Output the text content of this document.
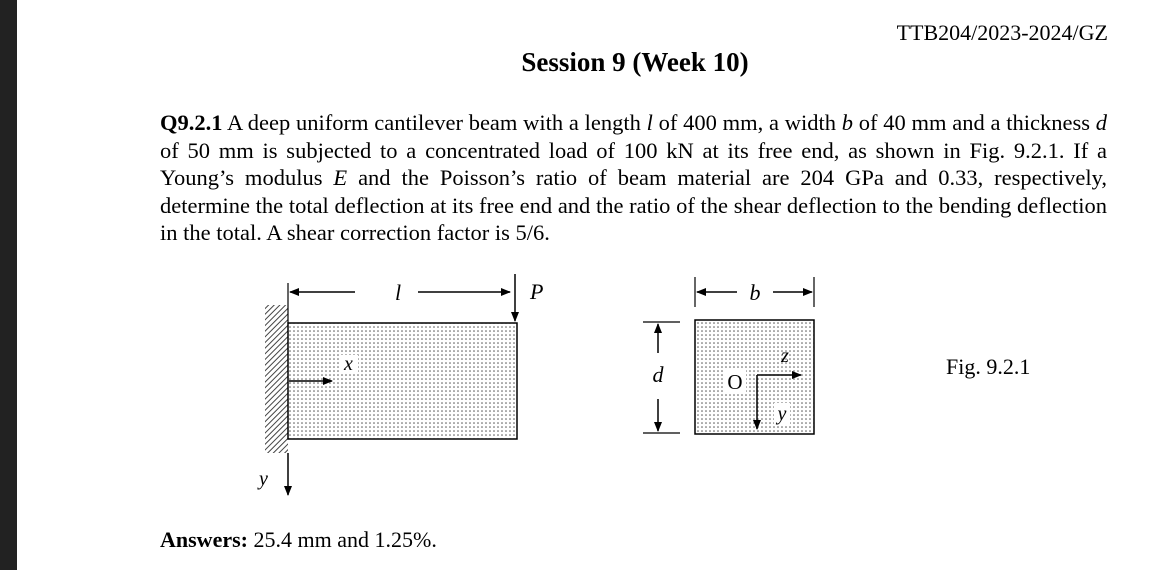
TTB204/2023-2024/GZ
Session 9 (Week 10)
Q9.2.1 A deep uniform cantilever beam with a length l of 400 mm, a width b of 40 mm and a thickness d of 50 mm is subjected to a concentrated load of 100 kN at its free end, as shown in Fig. 9.2.1. If a Young’s modulus E and the Poisson’s ratio of beam material are 204 GPa and 0.33, respectively, determine the total deflection at its free end and the ratio of the shear deflection to the bending deflection in the total. A shear correction factor is 5/6.
l	P
x
y
b
d	O
z
y
Fig. 9.2.1
Answers: 25.4 mm and 1.25%.
